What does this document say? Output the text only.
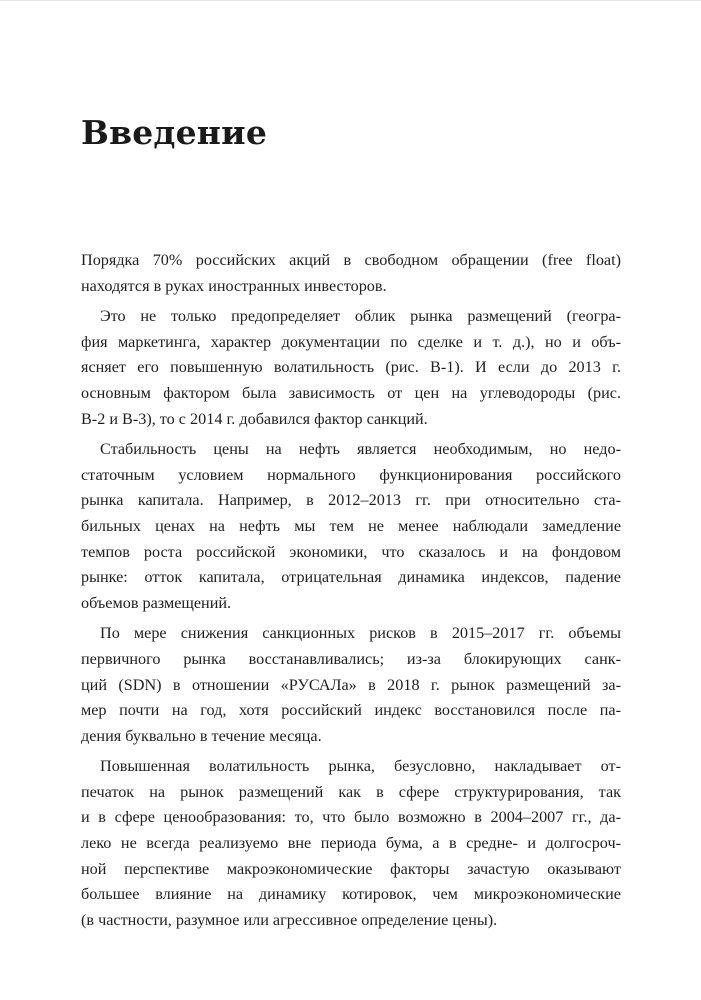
Введение

Порядка 70% российских акций в свободном обращении (free float)
находятся в руках иностранных инвесторов.

Это не только предопределяет облик рынка размещений (геогра-
фия маркетинга, характер документации по сделке и т. д.), но и объ-
ясняет его повышенную волатильность (рис. В-1). И если до 2013 г.
основным фактором была зависимость от цен на углеводороды (рис.
В-2 и В-3), то с 2014 г. добавился фактор санкций.

Стабильность цены на нефть является необходимым, но недо-
статочным условием нормального функционирования российского
рынка капитала. Например, в 2012–2013 гг. при относительно ста-
бильных ценах на нефть мы тем не менее наблюдали замедление
темпов роста российской экономики, что сказалось и на фондовом
рынке: отток капитала, отрицательная динамика индексов, падение
объемов размещений.

По мере снижения санкционных рисков в 2015–2017 гг. объемы
первичного рынка восстанавливались; из-за блокирующих санк-
ций (SDN) в отношении «РУСАЛа» в 2018 г. рынок размещений за-
мер почти на год, хотя российский индекс восстановился после па-
дения буквально в течение месяца.

Повышенная волатильность рынка, безусловно, накладывает от-
печаток на рынок размещений как в сфере структурирования, так
и в сфере ценообразования: то, что было возможно в 2004–2007 гг., да-
леко не всегда реализуемо вне периода бума, а в средне- и долгосроч-
ной перспективе макроэкономические факторы зачастую оказывают
большее влияние на динамику котировок, чем микроэкономические
(в частности, разумное или агрессивное определение цены).
